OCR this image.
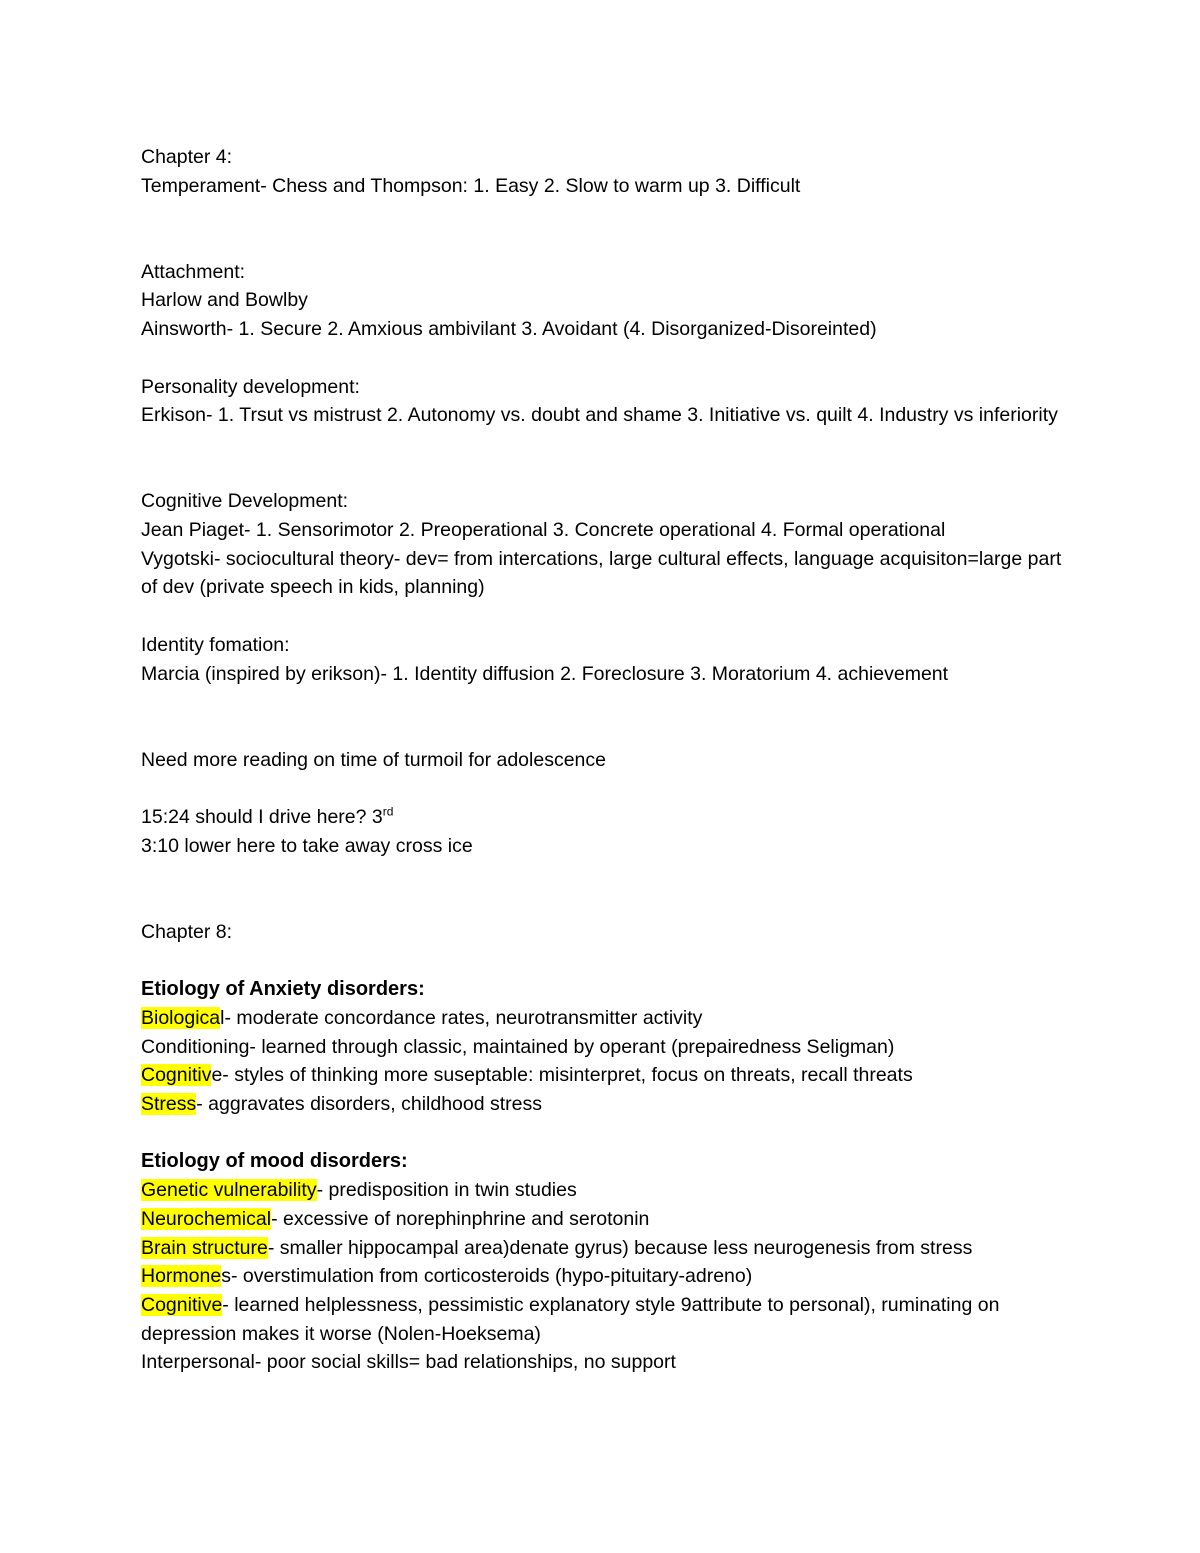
Chapter 4:
Temperament- Chess and Thompson: 1. Easy 2. Slow to warm up 3. Difficult
Attachment:
Harlow and Bowlby
Ainsworth- 1. Secure 2. Amxious ambivilant 3. Avoidant (4. Disorganized-Disoreinted)
Personality development:
Erkison- 1. Trsut vs mistrust 2. Autonomy vs. doubt and shame 3. Initiative vs. quilt 4. Industry vs inferiority
Cognitive Development:
Jean Piaget- 1. Sensorimotor 2. Preoperational 3. Concrete operational 4. Formal operational
Vygotski- sociocultural theory- dev= from intercations, large cultural effects, language acquisiton=large part of dev (private speech in kids, planning)
Identity fomation:
Marcia (inspired by erikson)- 1. Identity diffusion 2. Foreclosure 3. Moratorium 4. achievement
Need more reading on time of turmoil for adolescence
15:24 should I drive here? 3rd
3:10 lower here to take away cross ice
Chapter 8:
Etiology of Anxiety disorders:
Biological- moderate concordance rates, neurotransmitter activity
Conditioning- learned through classic, maintained by operant (prepairedness Seligman)
Cognitive- styles of thinking more suseptable: misinterpret, focus on threats, recall threats
Stress- aggravates disorders, childhood stress
Etiology of mood disorders:
Genetic vulnerability- predisposition in twin studies
Neurochemical- excessive of norephinphrine and serotonin
Brain structure- smaller hippocampal area)denate gyrus) because less neurogenesis from stress
Hormones- overstimulation from corticosteroids (hypo-pituitary-adreno)
Cognitive- learned helplessness, pessimistic explanatory style 9attribute to personal), ruminating on depression makes it worse (Nolen-Hoeksema)
Interpersonal- poor social skills= bad relationships, no support
